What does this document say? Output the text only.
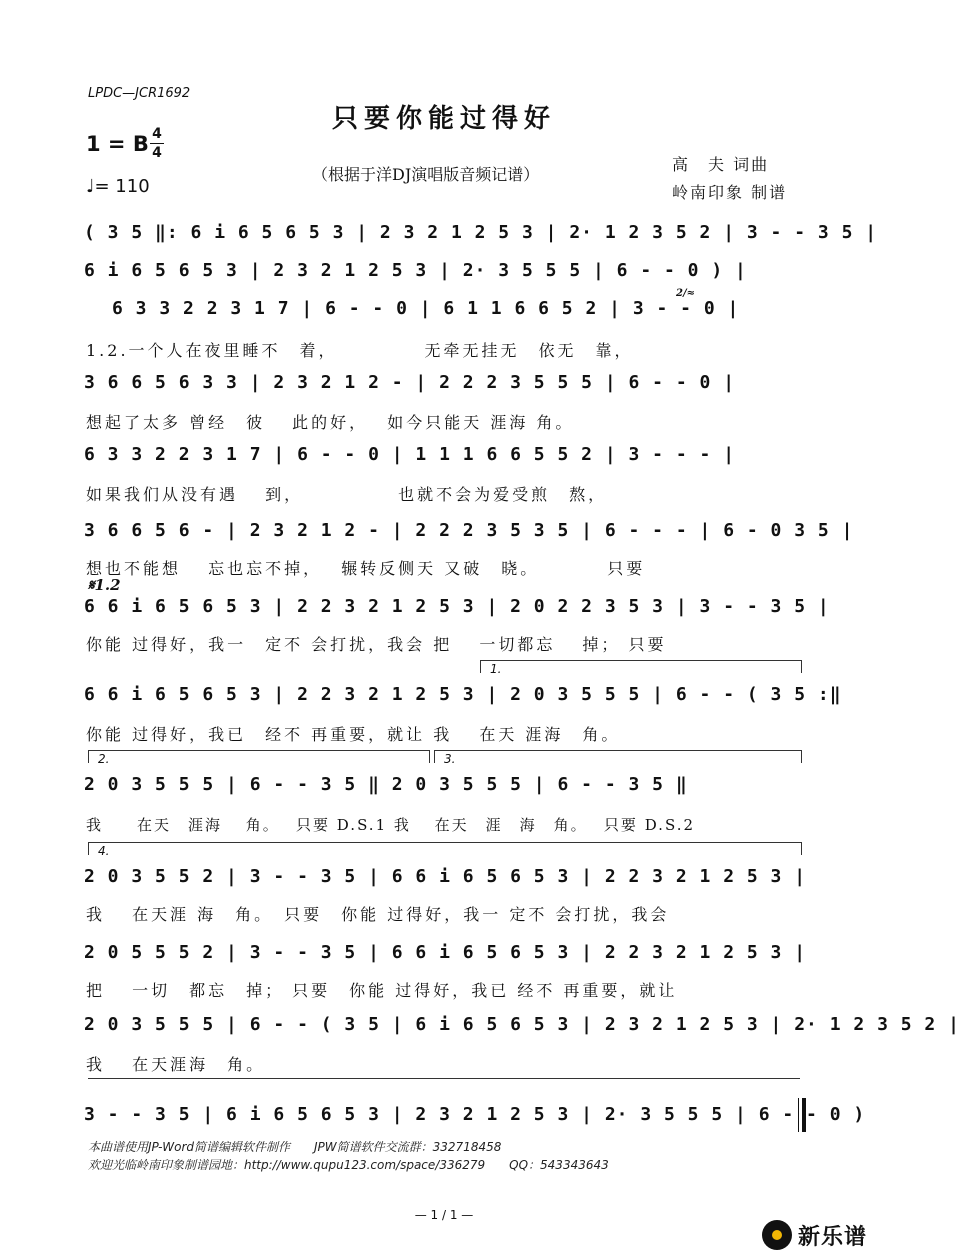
LPDC—JCR1692
只要你能过得好
1 = B 4
4
♩= 110
（根据于洋DJ演唱版音频记谱）
高　夫 词曲
岭南印象 制谱
( 3 5 ‖: 6 i 6 5 6 5 3 | 2 3 2 1 2 5 3 | 2· 1 2 3 5 2 | 3 - - 3 5 |
6 i 6 5 6 5 3 | 2 3 2 1 2 5 3 | 2· 3 5 5 5 | 6 - - 0 ) |
6 3 3 2 2 3 1 7 | 6 - - 0 | 6 1 1 6 6 5 2 | 3 - - 0 |
2/≈
1.2.一个人在夜里睡不　着，　　　　　无牵无挂无　依无　靠，
3 6 6 5 6 3 3 | 2 3 2 1 2 - | 2 2 2 3 5 5 5 | 6 - - 0 |
想起了太多 曾经　彼　 此的好，　 如今只能天 涯海 角。
6 3 3 2 2 3 1 7 | 6 - - 0 | 1 1 1 6 6 5 5 2 | 3 - - - |
如果我们从没有遇　 到，　　　　　 也就不会为爱受煎　熬，
3 6 6 5 6 - | 2 3 2 1 2 - | 2 2 2 3 5 3 5 | 6 - - - | 6 - 0 3 5 |
想也不能想　 忘也忘不掉，　 辗转反侧天 又破　晓。　　　　只要
𝄋1.2
6 6 i 6 5 6 5 3 | 2 2 3 2 1 2 5 3 | 2 0 2 2 3 5 3 | 3 - - 3 5 |
你能 过得好，我一　定不 会打扰，我会 把　 一切都忘　 掉； 只要
1.
6 6 i 6 5 6 5 3 | 2 2 3 2 1 2 5 3 | 2 0 3 5 5 5 | 6 - - ( 3 5 :‖
你能 过得好，我已　经不 再重要，就让 我　 在天 涯海　角。
2.	3.
2 0 3 5 5 5 | 6 - - 3 5 ‖ 2 0 3 5 5 5 | 6 - - 3 5 ‖
我　　在天　涯海　 角。　 只要 D.S.1 我　 在天　涯　海　角。　 只要 D.S.2
4.
2 0 3 5 5 2 | 3 - - 3 5 | 6 6 i 6 5 6 5 3 | 2 2 3 2 1 2 5 3 |
我　 在天涯 海　角。　只要　你能 过得好，我一 定不 会打扰，我会
2 0 5 5 5 2 | 3 - - 3 5 | 6 6 i 6 5 6 5 3 | 2 2 3 2 1 2 5 3 |
把　 一切　都忘　掉； 只要　你能 过得好，我已 经不 再重要，就让
2 0 3 5 5 5 | 6 - - ( 3 5 | 6 i 6 5 6 5 3 | 2 3 2 1 2 5 3 | 2· 1 2 3 5 2 |
我　 在天涯海　角。
3 - - 3 5 | 6 i 6 5 6 5 3 | 2 3 2 1 2 5 3 | 2· 3 5 5 5 | 6 - - 0 )
本曲谱使用JP-Word简谱编辑软件制作　　JPW简谱软件交流群：332718458
欢迎光临岭南印象制谱园地：http://www.qupu123.com/space/336279　　QQ：543343643
— 1 / 1 —
新乐谱
